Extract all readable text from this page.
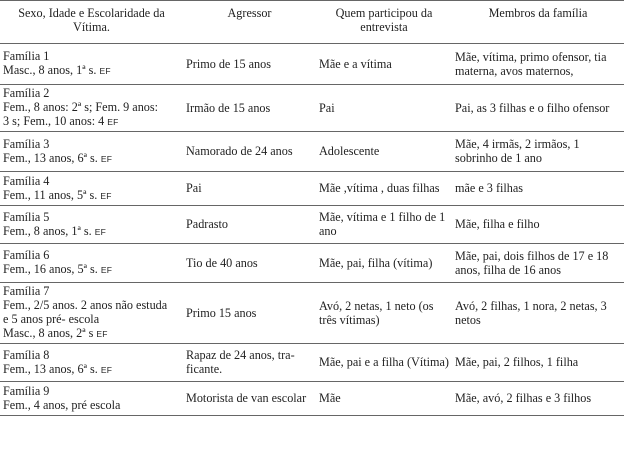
Sexo, Idade e Escolaridade da Vítima.	Agressor	Quem participou da entrevista	Membros da família

Família 1
Masc., 8 anos, 1ª s. EF	Primo de 15 anos	Mãe e a vítima	Mãe, vítima, primo ofensor, tia materna, avos maternos,

Família 2
Fem., 8 anos: 2ª s; Fem. 9 anos:
3 s; Fem., 10 anos: 4 EF	Irmão de 15 anos	Pai	Pai, as 3 filhas e o filho ofensor

Família 3
Fem., 13 anos, 6ª s. EF	Namorado de 24 anos	Adolescente	Mãe, 4 irmãs, 2 irmãos, 1 sobrinho de 1 ano

Família 4
Fem., 11 anos, 5ª s. EF	Pai	Mãe ,vítima , duas filhas	mãe e 3 filhas

Família 5
Fem., 8 anos, 1ª s. EF	Padrasto	Mãe, vítima e 1 filho de 1 ano	Mãe, filha e filho

Família 6
Fem., 16 anos, 5ª s. EF	Tio de 40 anos	Mãe, pai, filha (vítima)	Mãe, pai, dois filhos de 17 e 18 anos, filha de 16 anos

Família 7
Fem., 2/5 anos. 2 anos não estuda
e 5 anos pré- escola
Masc., 8 anos, 2ª s EF	Primo 15 anos	Avó, 2 netas, 1 neto (os três vítimas)	Avó, 2 filhas, 1 nora, 2 netas, 3 netos

Família 8
Fem., 13 anos, 6ª s. EF	Rapaz de 24 anos, tra-ficante.	Mãe, pai e a filha (Vítima)	Mãe, pai, 2 filhos, 1 filha

Família 9
Fem., 4 anos, pré escola	Motorista de van escolar	Mãe	Mãe, avó, 2 filhas e 3 filhos
